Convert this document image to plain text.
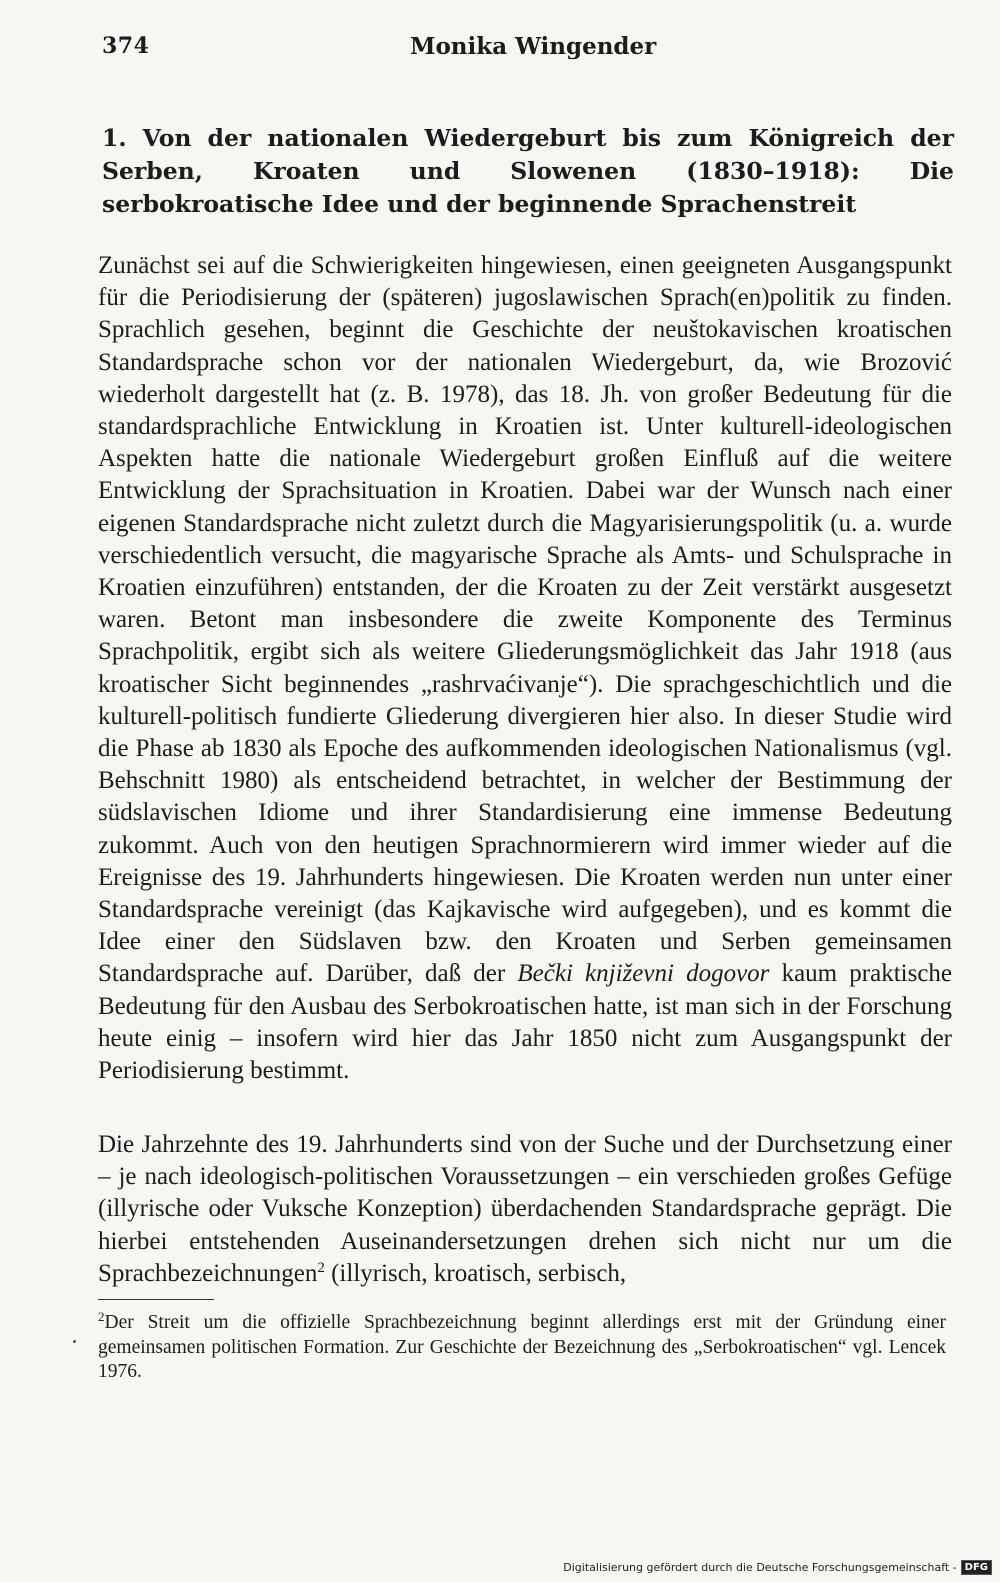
374	Monika Wingender
1. Von der nationalen Wiedergeburt bis zum Königreich der Serben, Kroaten und Slowenen (1830–1918): Die serbokroatische Idee und der beginnende Sprachenstreit

Zunächst sei auf die Schwierigkeiten hingewiesen, einen geeigneten Ausgangspunkt für die Periodisierung der (späteren) jugoslawischen Sprach(en)politik zu finden. Sprachlich gesehen, beginnt die Geschichte der neuštokavischen kroatischen Standardsprache schon vor der nationalen Wiedergeburt, da, wie Brozović wiederholt dargestellt hat (z. B. 1978), das 18. Jh. von großer Bedeutung für die standardsprachliche Entwicklung in Kroatien ist. Unter kulturell-ideologischen Aspekten hatte die nationale Wiedergeburt großen Einfluß auf die weitere Entwicklung der Sprachsituation in Kroatien. Dabei war der Wunsch nach einer eigenen Standardsprache nicht zuletzt durch die Magyarisierungspolitik (u. a. wurde verschiedentlich versucht, die magyarische Sprache als Amts- und Schulsprache in Kroatien einzuführen) entstanden, der die Kroaten zu der Zeit verstärkt ausgesetzt waren. Betont man insbesondere die zweite Komponente des Terminus Sprachpolitik, ergibt sich als weitere Gliederungsmöglichkeit das Jahr 1918 (aus kroatischer Sicht beginnendes „rashrvaćivanje“). Die sprachgeschichtlich und die kulturell-politisch fundierte Gliederung divergieren hier also. In dieser Studie wird die Phase ab 1830 als Epoche des aufkommenden ideologischen Nationalismus (vgl. Behschnitt 1980) als entscheidend betrachtet, in welcher der Bestimmung der südslavischen Idiome und ihrer Standardisierung eine immense Bedeutung zukommt. Auch von den heutigen Sprachnormierern wird immer wieder auf die Ereignisse des 19. Jahrhunderts hingewiesen. Die Kroaten werden nun unter einer Standardsprache vereinigt (das Kajkavische wird aufgegeben), und es kommt die Idee einer den Südslaven bzw. den Kroaten und Serben gemeinsamen Standardsprache auf. Darüber, daß der Bečki književni dogovor kaum praktische Bedeutung für den Ausbau des Serbokroatischen hatte, ist man sich in der Forschung heute einig – insofern wird hier das Jahr 1850 nicht zum Ausgangspunkt der Periodisierung bestimmt.

Die Jahrzehnte des 19. Jahrhunderts sind von der Suche und der Durchsetzung einer – je nach ideologisch-politischen Voraussetzungen – ein verschieden großes Gefüge (illyrische oder Vuksche Konzeption) überdachenden Standardsprache geprägt. Die hierbei entstehenden Auseinandersetzungen drehen sich nicht nur um die Sprachbezeichnungen$^2$ (illyrisch, kroatisch, serbisch,

$^2$Der Streit um die offizielle Sprachbezeichnung beginnt allerdings erst mit der Gründung einer gemeinsamen politischen Formation. Zur Geschichte der Bezeichnung des „Serbokroatischen“ vgl. Lencek 1976.

Digitalisierung gefördert durch die Deutsche Forschungsgemeinschaft - DFG
